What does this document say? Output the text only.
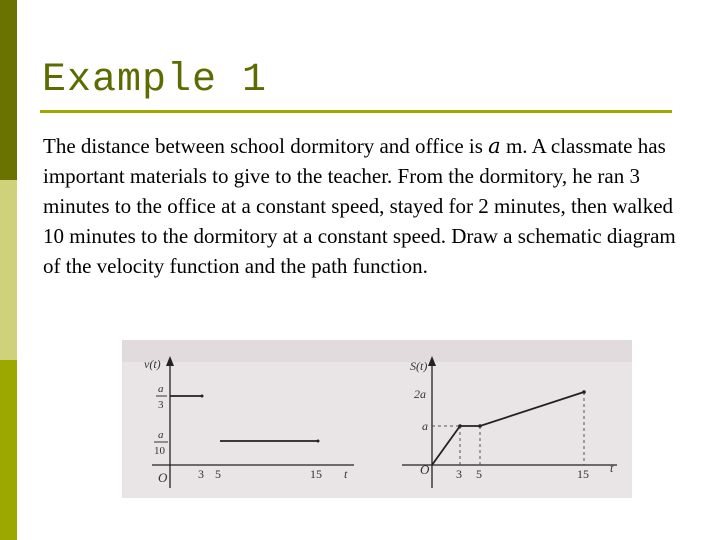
Example 1
The distance between school dormitory and office is a m. A classmate has important materials to give to the teacher. From the dormitory, he ran 3 minutes to the office at a constant speed, stayed for 2 minutes, then walked 10 minutes to the dormitory at a constant speed. Draw a schematic diagram of the velocity function and the path function.
v(t)
t
O
a
3
a
10
3 5	15
S(t)
t
O
2a
a
3 5	15
